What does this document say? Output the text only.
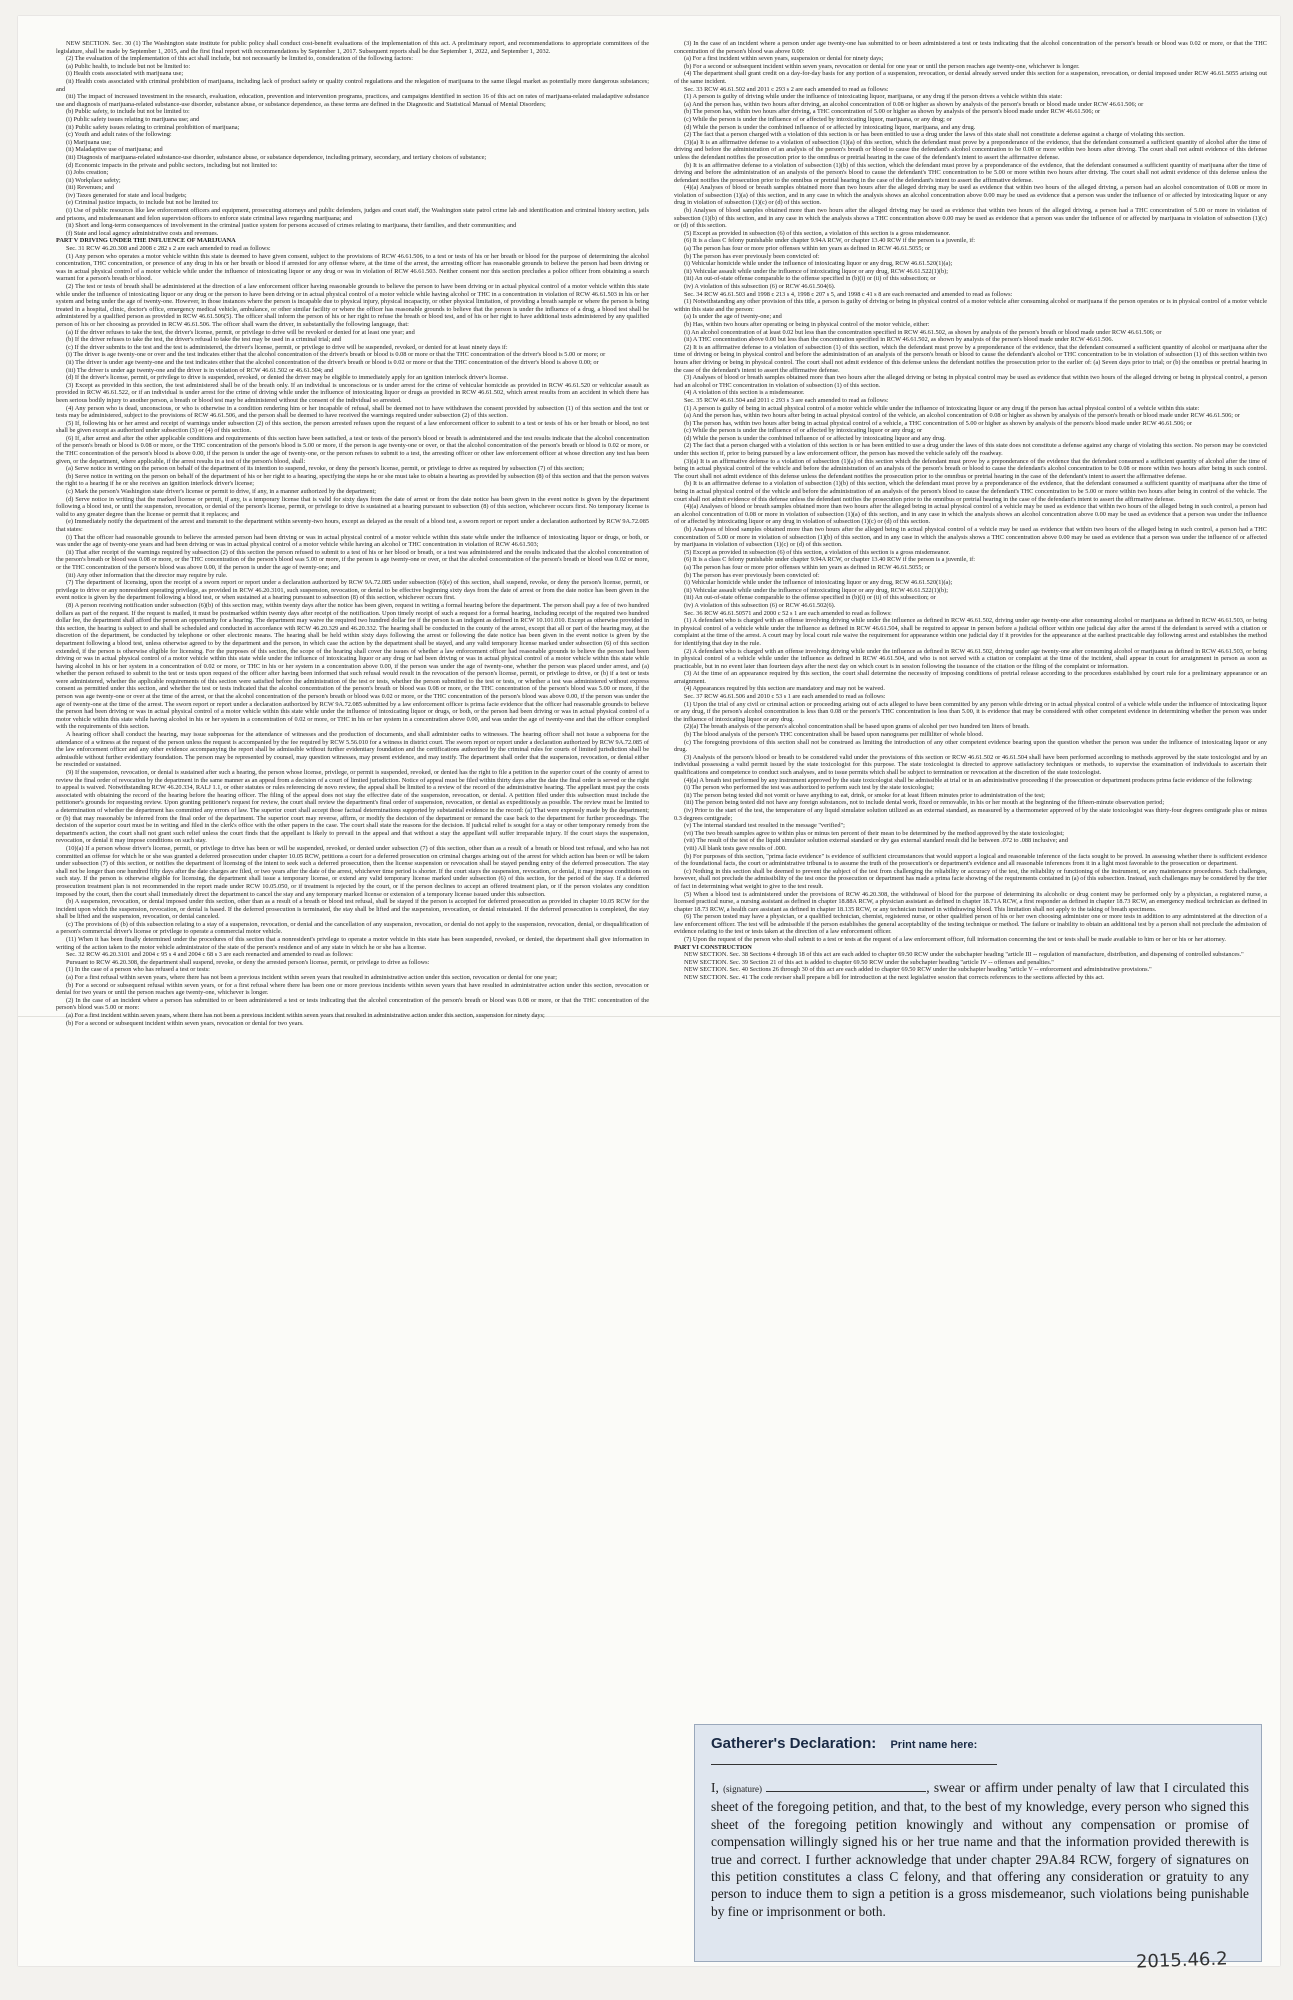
NEW SECTION. Sec. 30 (1) The Washington state institute for public policy shall conduct cost-benefit evaluations of the implementation of this act. A preliminary report, and recommendations to appropriate committees of the legislature, shall be made by September 1, 2015, and the first final report with recommendations by September 1, 2017. Subsequent reports shall be due September 1, 2022, and September 1, 2032.

(2) The evaluation of the implementation of this act shall include, but not necessarily be limited to, consideration of the following factors:

(a) Public health, to include but not be limited to:

(i) Health costs associated with marijuana use;

(ii) Health costs associated with criminal prohibition of marijuana, including lack of product safety or quality control regulations and the relegation of marijuana to the same illegal market as potentially more dangerous substances; and

(iii) The impact of increased investment in the research, evaluation, education, prevention and intervention programs, practices, and campaigns identified in section 16 of this act on rates of marijuana-related maladaptive substance use and diagnosis of marijuana-related substance-use disorder, substance abuse, or substance dependence, as these terms are defined in the Diagnostic and Statistical Manual of Mental Disorders;

(b) Public safety, to include but not be limited to:

(i) Public safety issues relating to marijuana use; and

(ii) Public safety issues relating to criminal prohibition of marijuana;

(c) Youth and adult rates of the following:

(i) Marijuana use;

(ii) Maladaptive use of marijuana; and

(iii) Diagnosis of marijuana-related substance-use disorder, substance abuse, or substance dependence, including primary, secondary, and tertiary choices of substance;

(d) Economic impacts in the private and public sectors, including but not limited to:

(i) Jobs creation;

(ii) Workplace safety;

(iii) Revenues; and

(iv) Taxes generated for state and local budgets;

(e) Criminal justice impacts, to include but not be limited to:

(i) Use of public resources like law enforcement officers and equipment, prosecuting attorneys and public defenders, judges and court staff, the Washington state patrol crime lab and identification and criminal history section, jails and prisons, and misdemeanant and felon supervision officers to enforce state criminal laws regarding marijuana; and

(ii) Short and long-term consequences of involvement in the criminal justice system for persons accused of crimes relating to marijuana, their families, and their communities; and

(f) State and local agency administrative costs and revenues.

PART V DRIVING UNDER THE INFLUENCE OF MARIJUANA

Sec. 31 RCW 46.20.308 and 2008 c 282 s 2 are each amended to read as follows:

(1) Any person who operates a motor vehicle within this state is deemed to have given consent, subject to the provisions of RCW 46.61.506, to a test or tests of his or her breath or blood for the purpose of determining the alcohol concentration, THC concentration, or presence of any drug in his or her breath or blood if arrested for any offense where, at the time of the arrest, the arresting officer has reasonable grounds to believe the person had been driving or was in actual physical control of a motor vehicle while under the influence of intoxicating liquor or any drug or was in violation of RCW 46.61.503. Neither consent nor this section precludes a police officer from obtaining a search warrant for a person's breath or blood.

(2) The test or tests of breath shall be administered at the direction of a law enforcement officer having reasonable grounds to believe the person to have been driving or in actual physical control of a motor vehicle within this state while under the influence of intoxicating liquor or any drug or the person to have been driving or in actual physical control of a motor vehicle while having alcohol or THC in a concentration in violation of RCW 46.61.503 in his or her system and being under the age of twenty-one. However, in those instances where the person is incapable due to physical injury, physical incapacity, or other physical limitation, of providing a breath sample or where the person is being treated in a hospital, clinic, doctor's office, emergency medical vehicle, ambulance, or other similar facility or where the officer has reasonable grounds to believe that the person is under the influence of a drug, a blood test shall be administered by a qualified person as provided in RCW 46.61.506(5). The officer shall inform the person of his or her right to refuse the breath or blood test, and of his or her right to have additional tests administered by any qualified person of his or her choosing as provided in RCW 46.61.506. The officer shall warn the driver, in substantially the following language, that:

(a) If the driver refuses to take the test, the driver's license, permit, or privilege to drive will be revoked or denied for at least one year; and

(b) If the driver refuses to take the test, the driver's refusal to take the test may be used in a criminal trial; and

(c) If the driver submits to the test and the test is administered, the driver's license, permit, or privilege to drive will be suspended, revoked, or denied for at least ninety days if:

(i) The driver is age twenty-one or over and the test indicates either that the alcohol concentration of the driver's breath or blood is 0.08 or more or that the THC concentration of the driver's blood is 5.00 or more; or

(ii) The driver is under age twenty-one and the test indicates either that the alcohol concentration of the driver's breath or blood is 0.02 or more or that the THC concentration of the driver's blood is above 0.00; or

(iii) The driver is under age twenty-one and the driver is in violation of RCW 46.61.502 or 46.61.504; and

(d) If the driver's license, permit, or privilege to drive is suspended, revoked, or denied the driver may be eligible to immediately apply for an ignition interlock driver's license.

(3) Except as provided in this section, the test administered shall be of the breath only. If an individual is unconscious or is under arrest for the crime of vehicular homicide as provided in RCW 46.61.520 or vehicular assault as provided in RCW 46.61.522, or if an individual is under arrest for the crime of driving while under the influence of intoxicating liquor or drugs as provided in RCW 46.61.502, which arrest results from an accident in which there has been serious bodily injury to another person, a breath or blood test may be administered without the consent of the individual so arrested.

(4) Any person who is dead, unconscious, or who is otherwise in a condition rendering him or her incapable of refusal, shall be deemed not to have withdrawn the consent provided by subsection (1) of this section and the test or tests may be administered, subject to the provisions of RCW 46.61.506, and the person shall be deemed to have received the warnings required under subsection (2) of this section.

(5) If, following his or her arrest and receipt of warnings under subsection (2) of this section, the person arrested refuses upon the request of a law enforcement officer to submit to a test or tests of his or her breath or blood, no test shall be given except as authorized under subsection (3) or (4) of this section.

(6) If, after arrest and after the other applicable conditions and requirements of this section have been satisfied, a test or tests of the person's blood or breath is administered and the test results indicate that the alcohol concentration of the person's breath or blood is 0.08 or more, or the THC concentration of the person's blood is 5.00 or more, if the person is age twenty-one or over, or that the alcohol concentration of the person's breath or blood is 0.02 or more, or the THC concentration of the person's blood is above 0.00, if the person is under the age of twenty-one, or the person refuses to submit to a test, the arresting officer or other law enforcement officer at whose direction any test has been given, or the department, where applicable, if the arrest results in a test of the person's blood, shall:

(a) Serve notice in writing on the person on behalf of the department of its intention to suspend, revoke, or deny the person's license, permit, or privilege to drive as required by subsection (7) of this section;

(b) Serve notice in writing on the person on behalf of the department of his or her right to a hearing, specifying the steps he or she must take to obtain a hearing as provided by subsection (8) of this section and that the person waives the right to a hearing if he or she receives an ignition interlock driver's license;

(c) Mark the person's Washington state driver's license or permit to drive, if any, in a manner authorized by the department;

(d) Serve notice in writing that the marked license or permit, if any, is a temporary license that is valid for sixty days from the date of arrest or from the date notice has been given in the event notice is given by the department following a blood test, or until the suspension, revocation, or denial of the person's license, permit, or privilege to drive is sustained at a hearing pursuant to subsection (8) of this section, whichever occurs first. No temporary license is valid to any greater degree than the license or permit that it replaces; and

(e) Immediately notify the department of the arrest and transmit to the department within seventy-two hours, except as delayed as the result of a blood test, a sworn report or report under a declaration authorized by RCW 9A.72.085 that states:

(i) That the officer had reasonable grounds to believe the arrested person had been driving or was in actual physical control of a motor vehicle within this state while under the influence of intoxicating liquor or drugs, or both, or was under the age of twenty-one years and had been driving or was in actual physical control of a motor vehicle while having an alcohol or THC concentration in violation of RCW 46.61.503;

(ii) That after receipt of the warnings required by subsection (2) of this section the person refused to submit to a test of his or her blood or breath, or a test was administered and the results indicated that the alcohol concentration of the person's breath or blood was 0.08 or more, or the THC concentration of the person's blood was 5.00 or more, if the person is age twenty-one or over, or that the alcohol concentration of the person's breath or blood was 0.02 or more, or the THC concentration of the person's blood was above 0.00, if the person is under the age of twenty-one; and

(iii) Any other information that the director may require by rule.

(7) The department of licensing, upon the receipt of a sworn report or report under a declaration authorized by RCW 9A.72.085 under subsection (6)(e) of this section, shall suspend, revoke, or deny the person's license, permit, or privilege to drive or any nonresident operating privilege, as provided in RCW 46.20.3101, such suspension, revocation, or denial to be effective beginning sixty days from the date of arrest or from the date notice has been given in the event notice is given by the department following a blood test, or when sustained at a hearing pursuant to subsection (8) of this section, whichever occurs first.

(8) A person receiving notification under subsection (6)(b) of this section may, within twenty days after the notice has been given, request in writing a formal hearing before the department. The person shall pay a fee of two hundred dollars as part of the request. If the request is mailed, it must be postmarked within twenty days after receipt of the notification. Upon timely receipt of such a request for a formal hearing, including receipt of the required two hundred dollar fee, the department shall afford the person an opportunity for a hearing. The department may waive the required two hundred dollar fee if the person is an indigent as defined in RCW 10.101.010. Except as otherwise provided in this section, the hearing is subject to and shall be scheduled and conducted in accordance with RCW 46.20.329 and 46.20.332. The hearing shall be conducted in the county of the arrest, except that all or part of the hearing may, at the discretion of the department, be conducted by telephone or other electronic means. The hearing shall be held within sixty days following the arrest or following the date notice has been given in the event notice is given by the department following a blood test, unless otherwise agreed to by the department and the person, in which case the action by the department shall be stayed, and any valid temporary license marked under subsection (6) of this section extended, if the person is otherwise eligible for licensing. For the purposes of this section, the scope of the hearing shall cover the issues of whether a law enforcement officer had reasonable grounds to believe the person had been driving or was in actual physical control of a motor vehicle within this state while under the influence of intoxicating liquor or any drug or had been driving or was in actual physical control of a motor vehicle within this state while having alcohol in his or her system in a concentration of 0.02 or more, or THC in his or her system in a concentration above 0.00, if the person was under the age of twenty-one, whether the person was placed under arrest, and (a) whether the person refused to submit to the test or tests upon request of the officer after having been informed that such refusal would result in the revocation of the person's license, permit, or privilege to drive, or (b) if a test or tests were administered, whether the applicable requirements of this section were satisfied before the administration of the test or tests, whether the person submitted to the test or tests, or whether a test was administered without express consent as permitted under this section, and whether the test or tests indicated that the alcohol concentration of the person's breath or blood was 0.08 or more, or the THC concentration of the person's blood was 5.00 or more, if the person was age twenty-one or over at the time of the arrest, or that the alcohol concentration of the person's breath or blood was 0.02 or more, or the THC concentration of the person's blood was above 0.00, if the person was under the age of twenty-one at the time of the arrest. The sworn report or report under a declaration authorized by RCW 9A.72.085 submitted by a law enforcement officer is prima facie evidence that the officer had reasonable grounds to believe the person had been driving or was in actual physical control of a motor vehicle within this state while under the influence of intoxicating liquor or drugs, or both, or the person had been driving or was in actual physical control of a motor vehicle within this state while having alcohol in his or her system in a concentration of 0.02 or more, or THC in his or her system in a concentration above 0.00, and was under the age of twenty-one and that the officer complied with the requirements of this section.

A hearing officer shall conduct the hearing, may issue subpoenas for the attendance of witnesses and the production of documents, and shall administer oaths to witnesses. The hearing officer shall not issue a subpoena for the attendance of a witness at the request of the person unless the request is accompanied by the fee required by RCW 5.56.010 for a witness in district court. The sworn report or report under a declaration authorized by RCW 9A.72.085 of the law enforcement officer and any other evidence accompanying the report shall be admissible without further evidentiary foundation and the certifications authorized by the criminal rules for courts of limited jurisdiction shall be admissible without further evidentiary foundation. The person may be represented by counsel, may question witnesses, may present evidence, and may testify. The department shall order that the suspension, revocation, or denial either be rescinded or sustained.

(9) If the suspension, revocation, or denial is sustained after such a hearing, the person whose license, privilege, or permit is suspended, revoked, or denied has the right to file a petition in the superior court of the county of arrest to review the final order of revocation by the department in the same manner as an appeal from a decision of a court of limited jurisdiction. Notice of appeal must be filed within thirty days after the date the final order is served or the right to appeal is waived. Notwithstanding RCW 46.20.334, RALJ 1.1, or other statutes or rules referencing de novo review, the appeal shall be limited to a review of the record of the administrative hearing. The appellant must pay the costs associated with obtaining the record of the hearing before the hearing officer. The filing of the appeal does not stay the effective date of the suspension, revocation, or denial. A petition filed under this subsection must include the petitioner's grounds for requesting review. Upon granting petitioner's request for review, the court shall review the department's final order of suspension, revocation, or denial as expeditiously as possible. The review must be limited to a determination of whether the department has committed any errors of law. The superior court shall accept those factual determinations supported by substantial evidence in the record: (a) That were expressly made by the department; or (b) that may reasonably be inferred from the final order of the department. The superior court may reverse, affirm, or modify the decision of the department or remand the case back to the department for further proceedings. The decision of the superior court must be in writing and filed in the clerk's office with the other papers in the case. The court shall state the reasons for the decision. If judicial relief is sought for a stay or other temporary remedy from the department's action, the court shall not grant such relief unless the court finds that the appellant is likely to prevail in the appeal and that without a stay the appellant will suffer irreparable injury. If the court stays the suspension, revocation, or denial it may impose conditions on such stay.

(10)(a) If a person whose driver's license, permit, or privilege to drive has been or will be suspended, revoked, or denied under subsection (7) of this section, other than as a result of a breath or blood test refusal, and who has not committed an offense for which he or she was granted a deferred prosecution under chapter 10.05 RCW, petitions a court for a deferred prosecution on criminal charges arising out of the arrest for which action has been or will be taken under subsection (7) of this section, or notifies the department of licensing of the intent to seek such a deferred prosecution, then the license suspension or revocation shall be stayed pending entry of the deferred prosecution. The stay shall not be longer than one hundred fifty days after the date charges are filed, or two years after the date of the arrest, whichever time period is shorter. If the court stays the suspension, revocation, or denial, it may impose conditions on such stay. If the person is otherwise eligible for licensing, the department shall issue a temporary license, or extend any valid temporary license marked under subsection (6) of this section, for the period of the stay. If a deferred prosecution treatment plan is not recommended in the report made under RCW 10.05.050, or if treatment is rejected by the court, or if the person declines to accept an offered treatment plan, or if the person violates any condition imposed by the court, then the court shall immediately direct the department to cancel the stay and any temporary marked license or extension of a temporary license issued under this subsection.

(b) A suspension, revocation, or denial imposed under this section, other than as a result of a breath or blood test refusal, shall be stayed if the person is accepted for deferred prosecution as provided in chapter 10.05 RCW for the incident upon which the suspension, revocation, or denial is based. If the deferred prosecution is terminated, the stay shall be lifted and the suspension, revocation, or denial reinstated. If the deferred prosecution is completed, the stay shall be lifted and the suspension, revocation, or denial canceled.

(c) The provisions of (b) of this subsection relating to a stay of a suspension, revocation, or denial and the cancellation of any suspension, revocation, or denial do not apply to the suspension, revocation, denial, or disqualification of a person's commercial driver's license or privilege to operate a commercial motor vehicle.

(11) When it has been finally determined under the procedures of this section that a nonresident's privilege to operate a motor vehicle in this state has been suspended, revoked, or denied, the department shall give information in writing of the action taken to the motor vehicle administrator of the state of the person's residence and of any state in which he or she has a license.

Sec. 32 RCW 46.20.3101 and 2004 c 95 s 4 and 2004 c 68 s 3 are each reenacted and amended to read as follows:

Pursuant to RCW 46.20.308, the department shall suspend, revoke, or deny the arrested person's license, permit, or privilege to drive as follows:

(1) In the case of a person who has refused a test or tests:

(a) For a first refusal within seven years, where there has not been a previous incident within seven years that resulted in administrative action under this section, revocation or denial for one year;

(b) For a second or subsequent refusal within seven years, or for a first refusal where there has been one or more previous incidents within seven years that have resulted in administrative action under this section, revocation or denial for two years or until the person reaches age twenty-one, whichever is longer.

(2) In the case of an incident where a person has submitted to or been administered a test or tests indicating that the alcohol concentration of the person's breath or blood was 0.08 or more, or that the THC concentration of the person's blood was 5.00 or more:

(a) For a first incident within seven years, where there has not been a previous incident within seven years that resulted in administrative action under this section, suspension for ninety days;

(b) For a second or subsequent incident within seven years, revocation or denial for two years.

(3) In the case of an incident where a person under age twenty-one has submitted to or been administered a test or tests indicating that the alcohol concentration of the person's breath or blood was 0.02 or more, or that the THC concentration of the person's blood was above 0.00:

(a) For a first incident within seven years, suspension or denial for ninety days;

(b) For a second or subsequent incident within seven years, revocation or denial for one year or until the person reaches age twenty-one, whichever is longer.

(4) The department shall grant credit on a day-for-day basis for any portion of a suspension, revocation, or denial already served under this section for a suspension, revocation, or denial imposed under RCW 46.61.5055 arising out of the same incident.

Sec. 33 RCW 46.61.502 and 2011 c 293 s 2 are each amended to read as follows:

(1) A person is guilty of driving while under the influence of intoxicating liquor, marijuana, or any drug if the person drives a vehicle within this state:

(a) And the person has, within two hours after driving, an alcohol concentration of 0.08 or higher as shown by analysis of the person's breath or blood made under RCW 46.61.506; or

(b) The person has, within two hours after driving, a THC concentration of 5.00 or higher as shown by analysis of the person's blood made under RCW 46.61.506; or

(c) While the person is under the influence of or affected by intoxicating liquor, marijuana, or any drug; or

(d) While the person is under the combined influence of or affected by intoxicating liquor, marijuana, and any drug.

(2) The fact that a person charged with a violation of this section is or has been entitled to use a drug under the laws of this state shall not constitute a defense against a charge of violating this section.

(3)(a) It is an affirmative defense to a violation of subsection (1)(a) of this section, which the defendant must prove by a preponderance of the evidence, that the defendant consumed a sufficient quantity of alcohol after the time of driving and before the administration of an analysis of the person's breath or blood to cause the defendant's alcohol concentration to be 0.08 or more within two hours after driving. The court shall not admit evidence of this defense unless the defendant notifies the prosecution prior to the omnibus or pretrial hearing in the case of the defendant's intent to assert the affirmative defense.

(b) It is an affirmative defense to a violation of subsection (1)(b) of this section, which the defendant must prove by a preponderance of the evidence, that the defendant consumed a sufficient quantity of marijuana after the time of driving and before the administration of an analysis of the person's blood to cause the defendant's THC concentration to be 5.00 or more within two hours after driving. The court shall not admit evidence of this defense unless the defendant notifies the prosecution prior to the omnibus or pretrial hearing in the case of the defendant's intent to assert the affirmative defense.

(4)(a) Analyses of blood or breath samples obtained more than two hours after the alleged driving may be used as evidence that within two hours of the alleged driving, a person had an alcohol concentration of 0.08 or more in violation of subsection (1)(a) of this section, and in any case in which the analysis shows an alcohol concentration above 0.00 may be used as evidence that a person was under the influence of or affected by intoxicating liquor or any drug in violation of subsection (1)(c) or (d) of this section.

(b) Analyses of blood samples obtained more than two hours after the alleged driving may be used as evidence that within two hours of the alleged driving, a person had a THC concentration of 5.00 or more in violation of subsection (1)(b) of this section, and in any case in which the analysis shows a THC concentration above 0.00 may be used as evidence that a person was under the influence of or affected by marijuana in violation of subsection (1)(c) or (d) of this section.

(5) Except as provided in subsection (6) of this section, a violation of this section is a gross misdemeanor.

(6) It is a class C felony punishable under chapter 9.94A RCW, or chapter 13.40 RCW if the person is a juvenile, if:

(a) The person has four or more prior offenses within ten years as defined in RCW 46.61.5055; or

(b) The person has ever previously been convicted of:

(i) Vehicular homicide while under the influence of intoxicating liquor or any drug, RCW 46.61.520(1)(a);

(ii) Vehicular assault while under the influence of intoxicating liquor or any drug, RCW 46.61.522(1)(b);

(iii) An out-of-state offense comparable to the offense specified in (b)(i) or (ii) of this subsection; or

(iv) A violation of this subsection (6) or RCW 46.61.504(6).

Sec. 34 RCW 46.61.503 and 1998 c 213 s 4, 1998 c 207 s 5, and 1998 c 41 s 8 are each reenacted and amended to read as follows:

(1) Notwithstanding any other provision of this title, a person is guilty of driving or being in physical control of a motor vehicle after consuming alcohol or marijuana if the person operates or is in physical control of a motor vehicle within this state and the person:

(a) Is under the age of twenty-one; and

(b) Has, within two hours after operating or being in physical control of the motor vehicle, either:

(i) An alcohol concentration of at least 0.02 but less than the concentration specified in RCW 46.61.502, as shown by analysis of the person's breath or blood made under RCW 46.61.506; or

(ii) A THC concentration above 0.00 but less than the concentration specified in RCW 46.61.502, as shown by analysis of the person's blood made under RCW 46.61.506.

(2) It is an affirmative defense to a violation of subsection (1) of this section, which the defendant must prove by a preponderance of the evidence, that the defendant consumed a sufficient quantity of alcohol or marijuana after the time of driving or being in physical control and before the administration of an analysis of the person's breath or blood to cause the defendant's alcohol or THC concentration to be in violation of subsection (1) of this section within two hours after driving or being in physical control. The court shall not admit evidence of this defense unless the defendant notifies the prosecution prior to the earlier of: (a) Seven days prior to trial; or (b) the omnibus or pretrial hearing in the case of the defendant's intent to assert the affirmative defense.

(3) Analyses of blood or breath samples obtained more than two hours after the alleged driving or being in physical control may be used as evidence that within two hours of the alleged driving or being in physical control, a person had an alcohol or THC concentration in violation of subsection (1) of this section.

(4) A violation of this section is a misdemeanor.

Sec. 35 RCW 46.61.504 and 2011 c 293 s 3 are each amended to read as follows:

(1) A person is guilty of being in actual physical control of a motor vehicle while under the influence of intoxicating liquor or any drug if the person has actual physical control of a vehicle within this state:

(a) And the person has, within two hours after being in actual physical control of the vehicle, an alcohol concentration of 0.08 or higher as shown by analysis of the person's breath or blood made under RCW 46.61.506; or

(b) The person has, within two hours after being in actual physical control of a vehicle, a THC concentration of 5.00 or higher as shown by analysis of the person's blood made under RCW 46.61.506; or

(c) While the person is under the influence of or affected by intoxicating liquor or any drug; or

(d) While the person is under the combined influence of or affected by intoxicating liquor and any drug.

(2) The fact that a person charged with a violation of this section is or has been entitled to use a drug under the laws of this state does not constitute a defense against any charge of violating this section. No person may be convicted under this section if, prior to being pursued by a law enforcement officer, the person has moved the vehicle safely off the roadway.

(3)(a) It is an affirmative defense to a violation of subsection (1)(a) of this section which the defendant must prove by a preponderance of the evidence that the defendant consumed a sufficient quantity of alcohol after the time of being in actual physical control of the vehicle and before the administration of an analysis of the person's breath or blood to cause the defendant's alcohol concentration to be 0.08 or more within two hours after being in such control. The court shall not admit evidence of this defense unless the defendant notifies the prosecution prior to the omnibus or pretrial hearing in the case of the defendant's intent to assert the affirmative defense.

(b) It is an affirmative defense to a violation of subsection (1)(b) of this section, which the defendant must prove by a preponderance of the evidence, that the defendant consumed a sufficient quantity of marijuana after the time of being in actual physical control of the vehicle and before the administration of an analysis of the person's blood to cause the defendant's THC concentration to be 5.00 or more within two hours after being in control of the vehicle. The court shall not admit evidence of this defense unless the defendant notifies the prosecution prior to the omnibus or pretrial hearing in the case of the defendant's intent to assert the affirmative defense.

(4)(a) Analyses of blood or breath samples obtained more than two hours after the alleged being in actual physical control of a vehicle may be used as evidence that within two hours of the alleged being in such control, a person had an alcohol concentration of 0.08 or more in violation of subsection (1)(a) of this section, and in any case in which the analysis shows an alcohol concentration above 0.00 may be used as evidence that a person was under the influence of or affected by intoxicating liquor or any drug in violation of subsection (1)(c) or (d) of this section.

(b) Analyses of blood samples obtained more than two hours after the alleged being in actual physical control of a vehicle may be used as evidence that within two hours of the alleged being in such control, a person had a THC concentration of 5.00 or more in violation of subsection (1)(b) of this section, and in any case in which the analysis shows a THC concentration above 0.00 may be used as evidence that a person was under the influence of or affected by marijuana in violation of subsection (1)(c) or (d) of this section.

(5) Except as provided in subsection (6) of this section, a violation of this section is a gross misdemeanor.

(6) It is a class C felony punishable under chapter 9.94A RCW, or chapter 13.40 RCW if the person is a juvenile, if:

(a) The person has four or more prior offenses within ten years as defined in RCW 46.61.5055; or

(b) The person has ever previously been convicted of:

(i) Vehicular homicide while under the influence of intoxicating liquor or any drug, RCW 46.61.520(1)(a);

(ii) Vehicular assault while under the influence of intoxicating liquor or any drug, RCW 46.61.522(1)(b);

(iii) An out-of-state offense comparable to the offense specified in (b)(i) or (ii) of this subsection; or

(iv) A violation of this subsection (6) or RCW 46.61.502(6).

Sec. 36 RCW 46.61.50571 and 2000 c 52 s 1 are each amended to read as follows:

(1) A defendant who is charged with an offense involving driving while under the influence as defined in RCW 46.61.502, driving under age twenty-one after consuming alcohol or marijuana as defined in RCW 46.61.503, or being in physical control of a vehicle while under the influence as defined in RCW 46.61.504, shall be required to appear in person before a judicial officer within one judicial day after the arrest if the defendant is served with a citation or complaint at the time of the arrest. A court may by local court rule waive the requirement for appearance within one judicial day if it provides for the appearance at the earliest practicable day following arrest and establishes the method for identifying that day in the rule.

(2) A defendant who is charged with an offense involving driving while under the influence as defined in RCW 46.61.502, driving under age twenty-one after consuming alcohol or marijuana as defined in RCW 46.61.503, or being in physical control of a vehicle while under the influence as defined in RCW 46.61.504, and who is not served with a citation or complaint at the time of the incident, shall appear in court for arraignment in person as soon as practicable, but in no event later than fourteen days after the next day on which court is in session following the issuance of the citation or the filing of the complaint or information.

(3) At the time of an appearance required by this section, the court shall determine the necessity of imposing conditions of pretrial release according to the procedures established by court rule for a preliminary appearance or an arraignment.

(4) Appearances required by this section are mandatory and may not be waived.

Sec. 37 RCW 46.61.506 and 2010 c 53 s 1 are each amended to read as follows:

(1) Upon the trial of any civil or criminal action or proceeding arising out of acts alleged to have been committed by any person while driving or in actual physical control of a vehicle while under the influence of intoxicating liquor or any drug, if the person's alcohol concentration is less than 0.08 or the person's THC concentration is less than 5.00, it is evidence that may be considered with other competent evidence in determining whether the person was under the influence of intoxicating liquor or any drug.

(2)(a) The breath analysis of the person's alcohol concentration shall be based upon grams of alcohol per two hundred ten liters of breath.

(b) The blood analysis of the person's THC concentration shall be based upon nanograms per milliliter of whole blood.

(c) The foregoing provisions of this section shall not be construed as limiting the introduction of any other competent evidence bearing upon the question whether the person was under the influence of intoxicating liquor or any drug.

(3) Analysis of the person's blood or breath to be considered valid under the provisions of this section or RCW 46.61.502 or 46.61.504 shall have been performed according to methods approved by the state toxicologist and by an individual possessing a valid permit issued by the state toxicologist for this purpose. The state toxicologist is directed to approve satisfactory techniques or methods, to supervise the examination of individuals to ascertain their qualifications and competence to conduct such analyses, and to issue permits which shall be subject to termination or revocation at the discretion of the state toxicologist.

(4)(a) A breath test performed by any instrument approved by the state toxicologist shall be admissible at trial or in an administrative proceeding if the prosecution or department produces prima facie evidence of the following:

(i) The person who performed the test was authorized to perform such test by the state toxicologist;

(ii) The person being tested did not vomit or have anything to eat, drink, or smoke for at least fifteen minutes prior to administration of the test;

(iii) The person being tested did not have any foreign substances, not to include dental work, fixed or removable, in his or her mouth at the beginning of the fifteen-minute observation period;

(iv) Prior to the start of the test, the temperature of any liquid simulator solution utilized as an external standard, as measured by a thermometer approved of by the state toxicologist was thirty-four degrees centigrade plus or minus 0.3 degrees centigrade;

(v) The internal standard test resulted in the message "verified";

(vi) The two breath samples agree to within plus or minus ten percent of their mean to be determined by the method approved by the state toxicologist;

(vii) The result of the test of the liquid simulator solution external standard or dry gas external standard result did lie between .072 to .088 inclusive; and

(viii) All blank tests gave results of .000.

(b) For purposes of this section, "prima facie evidence" is evidence of sufficient circumstances that would support a logical and reasonable inference of the facts sought to be proved. In assessing whether there is sufficient evidence of the foundational facts, the court or administrative tribunal is to assume the truth of the prosecution's or department's evidence and all reasonable inferences from it in a light most favorable to the prosecution or department.

(c) Nothing in this section shall be deemed to prevent the subject of the test from challenging the reliability or accuracy of the test, the reliability or functioning of the instrument, or any maintenance procedures. Such challenges, however, shall not preclude the admissibility of the test once the prosecution or department has made a prima facie showing of the requirements contained in (a) of this subsection. Instead, such challenges may be considered by the trier of fact in determining what weight to give to the test result.

(5) When a blood test is administered under the provisions of RCW 46.20.308, the withdrawal of blood for the purpose of determining its alcoholic or drug content may be performed only by a physician, a registered nurse, a licensed practical nurse, a nursing assistant as defined in chapter 18.88A RCW, a physician assistant as defined in chapter 18.71A RCW, a first responder as defined in chapter 18.73 RCW, an emergency medical technician as defined in chapter 18.73 RCW, a health care assistant as defined in chapter 18.135 RCW, or any technician trained in withdrawing blood. This limitation shall not apply to the taking of breath specimens.

(6) The person tested may have a physician, or a qualified technician, chemist, registered nurse, or other qualified person of his or her own choosing administer one or more tests in addition to any administered at the direction of a law enforcement officer. The test will be admissible if the person establishes the general acceptability of the testing technique or method. The failure or inability to obtain an additional test by a person shall not preclude the admission of evidence relating to the test or tests taken at the direction of a law enforcement officer.

(7) Upon the request of the person who shall submit to a test or tests at the request of a law enforcement officer, full information concerning the test or tests shall be made available to him or her or his or her attorney.

PART VI CONSTRUCTION

NEW SECTION. Sec. 38 Sections 4 through 18 of this act are each added to chapter 69.50 RCW under the subchapter heading "article III -- regulation of manufacture, distribution, and dispensing of controlled substances."

NEW SECTION. Sec. 39 Section 21 of this act is added to chapter 69.50 RCW under the subchapter heading "article IV -- offenses and penalties."

NEW SECTION. Sec. 40 Sections 26 through 30 of this act are each added to chapter 69.50 RCW under the subchapter heading "article V -- enforcement and administrative provisions."

NEW SECTION. Sec. 41 The code reviser shall prepare a bill for introduction at the next legislative session that corrects references to the sections affected by this act.

Gatherer's Declaration: Print name here:
I, (signature)	, swear or affirm under penalty of law that I circulated this sheet of the foregoing petition, and that, to the best of my knowledge, every person who signed this sheet of the foregoing petition knowingly and without any compensation or promise of compensation willingly signed his or her true name and that the information provided therewith is true and correct. I further acknowledge that under chapter 29A.84 RCW, forgery of signatures on this petition constitutes a class C felony, and that offering any consideration or gratuity to any person to induce them to sign a petition is a gross misdemeanor, such violations being punishable by fine or imprisonment or both.
2015.46.2
